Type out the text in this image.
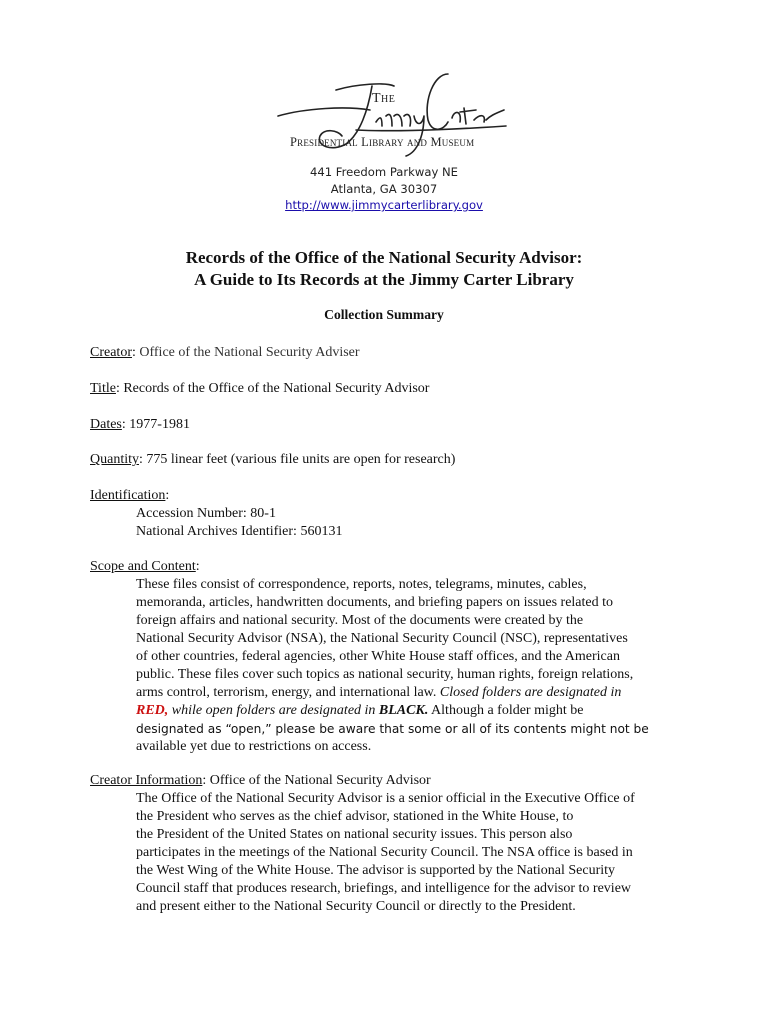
The
Presidential Library and Museum
441 Freedom Parkway NE
Atlanta, GA 30307
http://www.jimmycarterlibrary.gov
Records of the Office of the National Security Advisor:
A Guide to Its Records at the Jimmy Carter Library
Collection Summary
Creator: Office of the National Security Adviser
Title: Records of the Office of the National Security Advisor
Dates: 1977-1981
Quantity: 775 linear feet (various file units are open for research)
Identification:
Accession Number: 80-1
National Archives Identifier: 560131
Scope and Content:
These files consist of correspondence, reports, notes, telegrams, minutes, cables,
memoranda, articles, handwritten documents, and briefing papers on issues related to
foreign affairs and national security. Most of the documents were created by the
National Security Advisor (NSA), the National Security Council (NSC), representatives
of other countries, federal agencies, other White House staff offices, and the American
public. These files cover such topics as national security, human rights, foreign relations,
arms control, terrorism, energy, and international law. Closed folders are designated in
RED, while open folders are designated in BLACK. Although a folder might be
designated as “open,” please be aware that some or all of its contents might not be
available yet due to restrictions on access.
Creator Information: Office of the National Security Advisor
The Office of the National Security Advisor is a senior official in the Executive Office of
the President who serves as the chief advisor, stationed in the White House, to
the President of the United States on national security issues. This person also
participates in the meetings of the National Security Council. The NSA office is based in
the West Wing of the White House. The advisor is supported by the National Security
Council staff that produces research, briefings, and intelligence for the advisor to review
and present either to the National Security Council or directly to the President.
